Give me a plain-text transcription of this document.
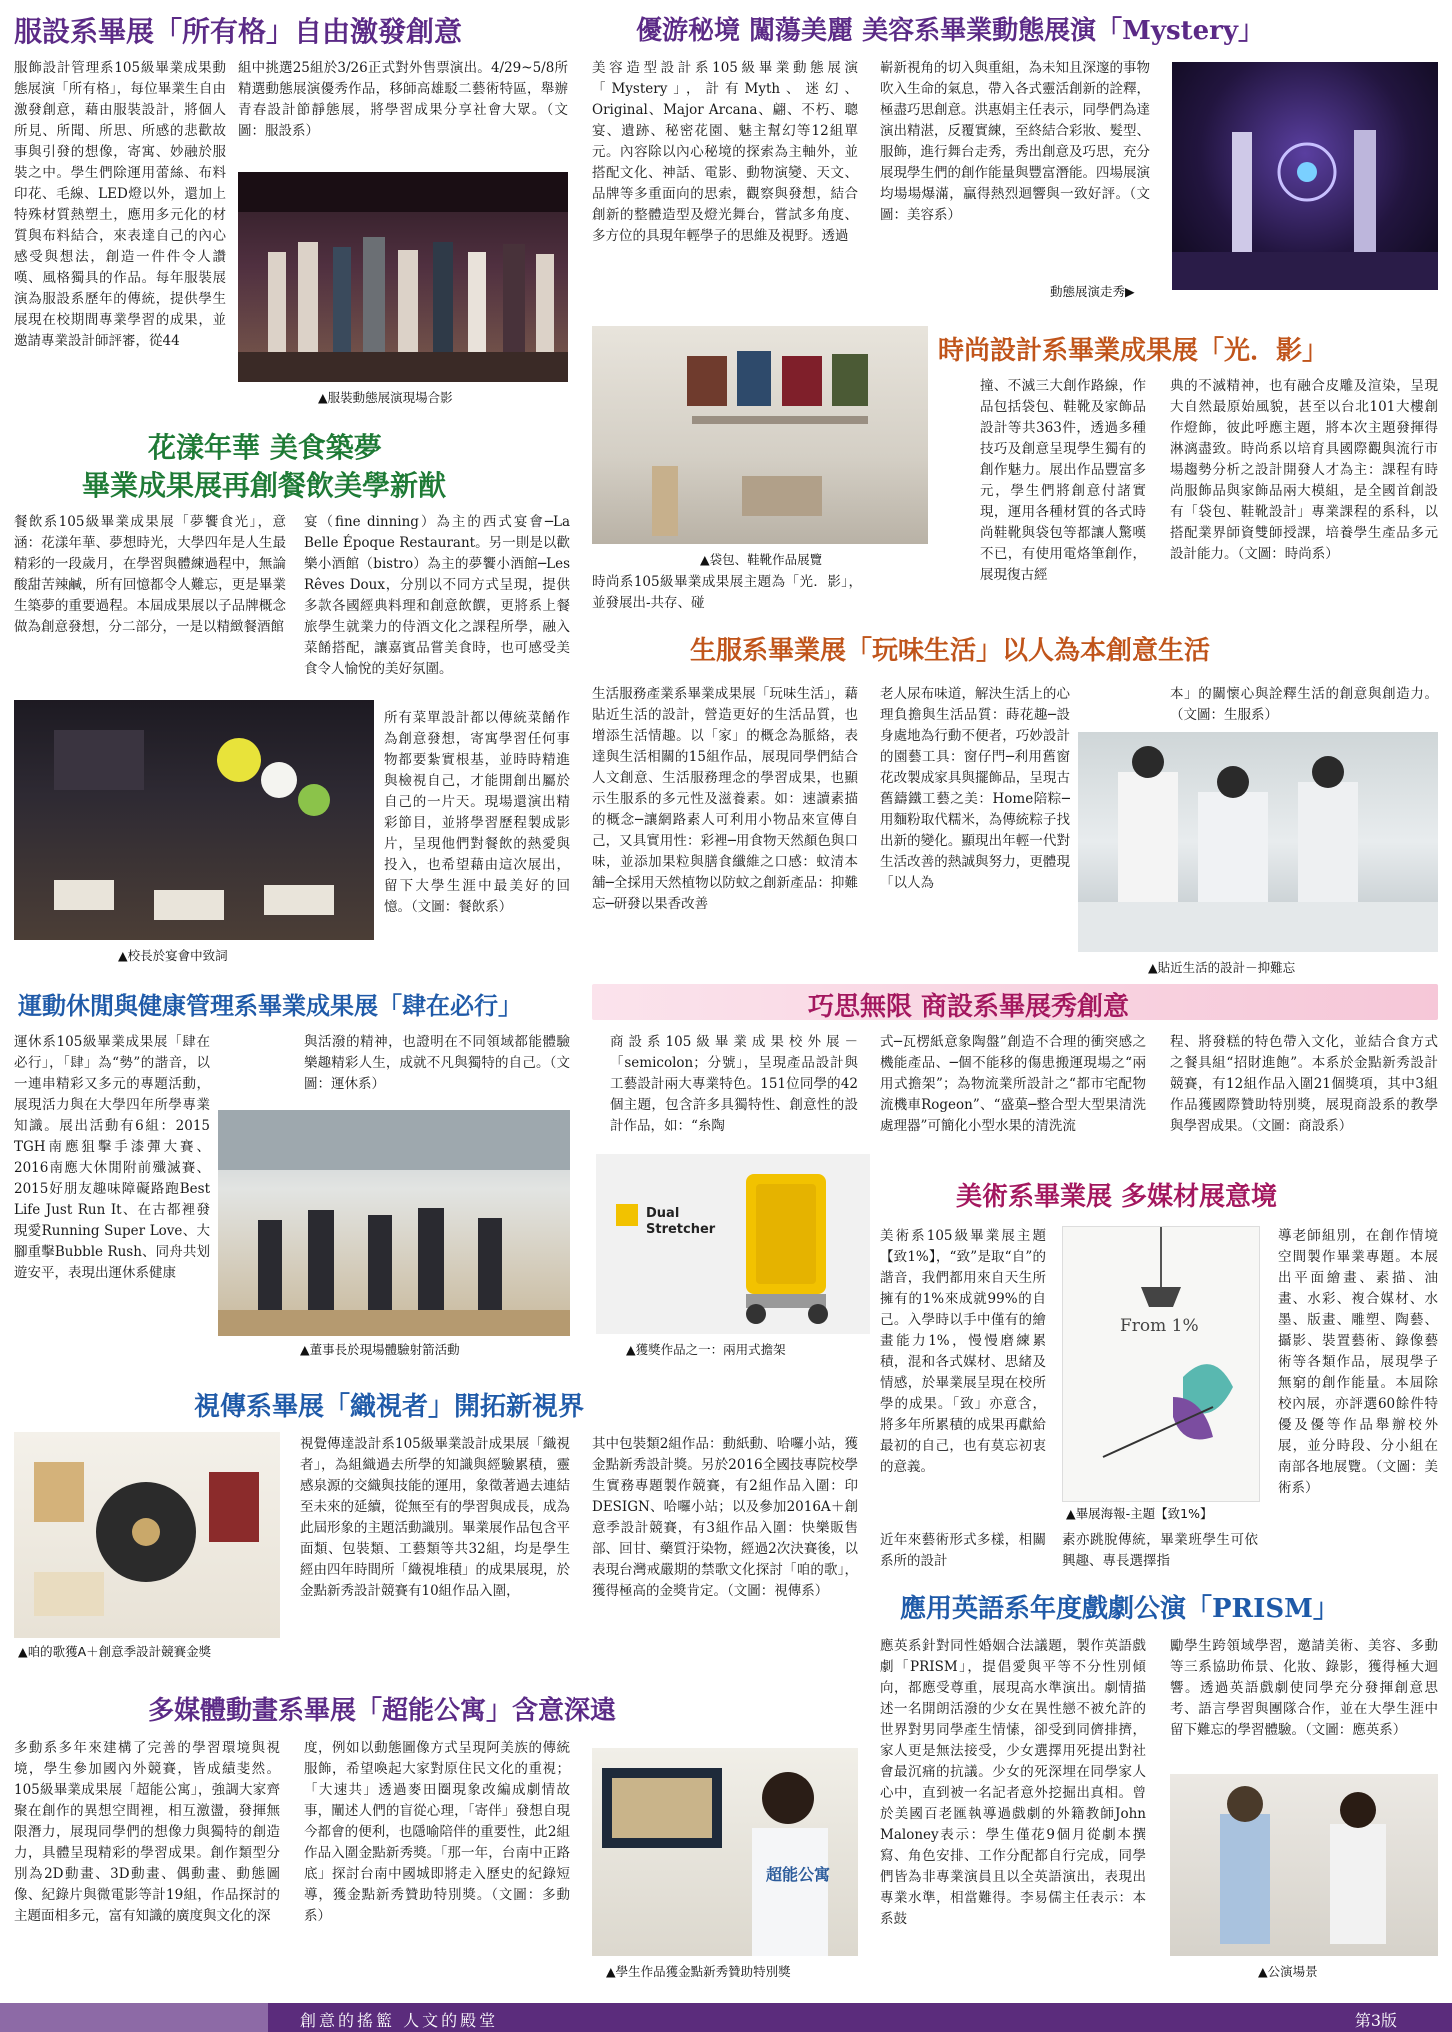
服設系畢展「所有格」自由激發創意
服飾設計管理系105級畢業成果動態展演「所有格」，每位畢業生自由激發創意，藉由服裝設計，將個人所見、所聞、所思、所感的悲歡故事與引發的想像，寄寓、妙融於服裝之中。學生們除運用蕾絲、布料印花、毛線、LED燈以外，還加上特殊材質熱塑土，應用多元化的材質與布料結合，來表達自己的內心感受與想法，創造一件件令人讚嘆、風格獨具的作品。每年服裝展演為服設系歷年的傳統，提供學生展現在校期間專業學習的成果，並邀請專業設計師評審，從44
組中挑選25組於3/26正式對外售票演出。4/29~5/8所精選動態展演優秀作品，移師高雄駁二藝術特區，舉辦青春設計節靜態展，將學習成果分享社會大眾。（文圖：服設系）
▲服裝動態展演現場合影
優游秘境 闖蕩美麗 美容系畢業動態展演「Mystery」
美容造型設計系105級畢業動態展演「Mystery」，計有Myth、迷幻、Original、Major Arcana、翩、不朽、聰宴、遺跡、秘密花園、魅主幫幻等12組單元。內容除以內心秘境的探索為主軸外，並搭配文化、神話、電影、動物演變、天文、品牌等多重面向的思索，觀察與發想，結合創新的整體造型及燈光舞台，嘗試多角度、多方位的具現年輕學子的思維及視野。透過
嶄新視角的切入與重組，為未知且深邃的事物吹入生命的氣息，帶入各式靈活創新的詮釋，極盡巧思創意。洪惠娟主任表示，同學們為達演出精湛，反覆實練，至終結合彩妝、髮型、服飾，進行舞台走秀，秀出創意及巧思，充分展現學生們的創作能量與豐富潛能。四場展演均場場爆滿，贏得熱烈迴響與一致好評。（文圖：美容系）
動態展演走秀▶
花漾年華 美食築夢
畢業成果展再創餐飲美學新猷
餐飲系105級畢業成果展「夢饗食光」，意涵：花漾年華、夢想時光，大學四年是人生最精彩的一段歲月，在學習與體練過程中，無論酸甜苦辣鹹，所有回憶都令人難忘，更是畢業生築夢的重要過程。本屆成果展以子品牌概念做為創意發想，分二部分，一是以精緻餐酒館
宴（fine dinning）為主的西式宴會─La Belle Époque Restaurant。另一則是以歡樂小酒館（bistro）為主的夢饗小酒館─Les Rêves Doux，分別以不同方式呈現，提供多款各國經典料理和創意飲饌，更將系上餐旅學生就業力的侍酒文化之課程所學，融入菜餚搭配，讓嘉賓品嘗美食時，也可感受美食令人愉悅的美好氛圍。
▲校長於宴會中致詞
所有菜單設計都以傳統菜餚作為創意發想，寄寓學習任何事物都要紮實根基，並時時精進與檢視自己，才能開創出屬於自己的一片天。現場還演出精彩節目，並將學習歷程製成影片，呈現他們對餐飲的熱愛與投入，也希望藉由這次展出，留下大學生涯中最美好的回憶。（文圖：餐飲系）
▲袋包、鞋靴作品展覽
時尚設計系畢業成果展「光．影」
時尚系105級畢業成果展主題為「光．影」，並發展出-共存、碰
撞、不滅三大創作路線，作品包括袋包、鞋靴及家飾品設計等共363件，透過多種技巧及創意呈現學生獨有的創作魅力。展出作品豐富多元，學生們將創意付諸實現，運用各種材質的各式時尚鞋靴與袋包等都讓人驚嘆不已，有使用電烙筆創作，展現復古經
典的不滅精神，也有融合皮雕及渲染，呈現大自然最原始風貌，甚至以台北101大樓創作燈飾，彼此呼應主題，將本次主題發揮得淋漓盡致。時尚系以培育具國際觀與流行市場趨勢分析之設計開發人才為主：課程有時尚服飾品與家飾品兩大模組，是全國首創設有「袋包、鞋靴設計」專業課程的系科，以搭配業界師資雙師授課，培養學生產品多元設計能力。（文圖：時尚系）
生服系畢業展「玩味生活」以人為本創意生活
生活服務產業系畢業成果展「玩味生活」，藉貼近生活的設計，營造更好的生活品質，也增添生活情趣。以「家」的概念為脈絡，表達與生活相關的15組作品，展現同學們結合人文創意、生活服務理念的學習成果，也顯示生服系的多元性及滋養素。如：速讀素描的概念─讓網路素人可利用小物品來宣傳自己，又具實用性：彩裡─用食物天然顏色與口味，並添加果粒與膳食纖維之口感：蚊清本舖─全採用天然植物以防蚊之創新產品：抑難忘─研發以果香改善
老人尿布味道，解決生活上的心理負擔與生活品質：蒔花趣─設身處地為行動不便者，巧妙設計的園藝工具：窗仔門─利用舊窗花改製成家具與擺飾品，呈現古舊鑄鐵工藝之美：Home陪粽─用麵粉取代糯米，為傳統粽子找出新的變化。顯現出年輕一代對生活改善的熱誠與努力，更體現「以人為
本」的關懷心與詮釋生活的創意與創造力。（文圖：生服系）
▲貼近生活的設計－抑難忘
運動休閒與健康管理系畢業成果展「肆在必行」
運休系105級畢業成果展「肆在必行」，「肆」為“勢”的諧音，以一連串精彩又多元的專題活動，展現活力與在大學四年所學專業知識。展出活動有6組：2015 TGH南應狙擊手漆彈大賽、2016南應大休閒附前殲滅賽、2015好朋友趣味障礙路跑Best Life Just Run It、在古都裡發現愛Running Super Love、大腳重擊Bubble Rush、同舟共划遊安平，表現出運休系健康
與活潑的精神，也證明在不同領域都能體驗樂趣精彩人生，成就不凡與獨特的自己。（文圖：運休系）
▲董事長於現場體驗射箭活動
巧思無限 商設系畢展秀創意
商設系105級畢業成果校外展－「semicolon；分號」，呈現產品設計與工藝設計兩大專業特色。151位同學的42個主題，包含許多具獨特性、創意性的設計作品，如：“糸陶
式─瓦楞紙意象陶盤”創造不合理的衝突感之機能產品、─個不能移的傷患搬運現場之“兩用式擔架”；為物流業所設計之“都市宅配物流機車Rogeon”、“盛菓─整合型大型果清洗處理器”可簡化小型水果的清洗流
程、將發糕的特色帶入文化，並結合食方式之餐具組“招財進飽”。本系於金點新秀設計競賽，有12組作品入圍21個獎項，其中3組作品獲國際贊助特別獎，展現商設系的教學與學習成果。（文圖：商設系）
Dual Stretcher
▲獲獎作品之一：兩用式擔架
美術系畢業展 多媒材展意境
美術系105級畢業展主題【致1%】，“致”是取“自”的諧音，我們都用來自天生所擁有的1%來成就99%的自己。入學時以手中僅有的繪畫能力1%，慢慢磨練累積，混和各式媒材、思緒及情感，於畢業展呈現在校所學的成果。「致」亦意含，將多年所累積的成果再獻給最初的自己，也有莫忘初衷的意義。
近年來藝術形式多樣，相關系所的設計
From 1%
▲畢展海報-主題【致1%】
素亦跳脫傳統，畢業班學生可依興趣、專長選擇指
導老師組別，在創作情境空間製作畢業專題。本展出平面繪畫、素描、油畫、水彩、複合媒材、水墨、版畫、雕塑、陶藝、攝影、裝置藝術、錄像藝術等各類作品，展現學子無窮的創作能量。本屆除校內展，亦評選60餘件特優及優等作品舉辦校外展，並分時段、分小組在南部各地展覽。（文圖：美術系）
視傳系畢展「織視者」開拓新視界
▲咱的歌獲A＋創意季設計競賽金獎
視覺傳達設計系105級畢業設計成果展「織視者」，為組織過去所學的知識與經驗累積，靈感泉源的交織與技能的運用，象徵著過去連結至未來的延續，從無至有的學習與成長，成為此屆形象的主題活動識別。畢業展作品包含平面類、包裝類、工藝類等共32組，均是學生經由四年時間所「織視堆積」的成果展現，於金點新秀設計競賽有10組作品入圍，
其中包裝類2組作品：動紙動、哈囉小站，獲金點新秀設計獎。另於2016全國技專院校學生實務專題製作競賽，有2組作品入圍：印DESIGN、哈囉小站；以及參加2016A＋創意季設計競賽，有3組作品入圍：快樂販售部、回甘、藥質汙染物，經過2次決賽後，以表現台灣戒嚴期的禁歌文化探討「咱的歌」，獲得極高的金獎肯定。（文圖：視傳系）
應用英語系年度戲劇公演「PRISM」
應英系針對同性婚姻合法議題，製作英語戲劇「PRISM」，提倡愛與平等不分性別傾向，都應受尊重，展現高水準演出。劇情描述一名開朗活潑的少女在異性戀不被允許的世界對男同學產生情愫，卻受到同儕排擠，家人更是無法接受，少女選擇用死提出對社會最沉痛的抗議。少女的死深埋在同學家人心中，直到被一名記者意外挖掘出真相。曾於美國百老匯執導過戲劇的外籍教師John Maloney表示：學生僅花9個月從劇本撰寫、角色安排、工作分配都自行完成，同學們皆為非專業演員且以全英語演出，表現出專業水準，相當難得。李易儒主任表示：本系鼓
勵學生跨領域學習，邀請美術、美容、多動等三系協助佈景、化妝、錄影，獲得極大迴響。透過英語戲劇使同學充分發揮創意思考、語言學習與團隊合作，並在大學生涯中留下難忘的學習體驗。（文圖：應英系）
▲公演場景
多媒體動畫系畢展「超能公寓」含意深遠
多動系多年來建構了完善的學習環境與視境，學生參加國內外競賽，皆成績斐然。105級畢業成果展「超能公寓」，強調大家齊聚在創作的異想空間裡，相互激盪，發揮無限潛力，展現同學們的想像力與獨特的創造力，具體呈現精彩的學習成果。創作類型分別為2D動畫、3D動畫、偶動畫、動態圖像、紀錄片與微電影等計19組，作品探討的主題面相多元，富有知識的廣度與文化的深
度，例如以動態圖像方式呈現阿美族的傳統服飾，希望喚起大家對原住民文化的重視；「大速共」透過麥田圈現象改編成劇情故事，闡述人們的盲從心理，「寄伴」發想自現今都會的便利，也隱喻陪伴的重要性，此2組作品入圍金點新秀獎。「那一年，台南中正路底」探討台南中國城即將走入歷史的紀錄短導，獲金點新秀贊助特別獎。（文圖：多動系）
超能公寓
▲學生作品獲金點新秀贊助特別獎
創意的搖籃 人文的殿堂	第3版
